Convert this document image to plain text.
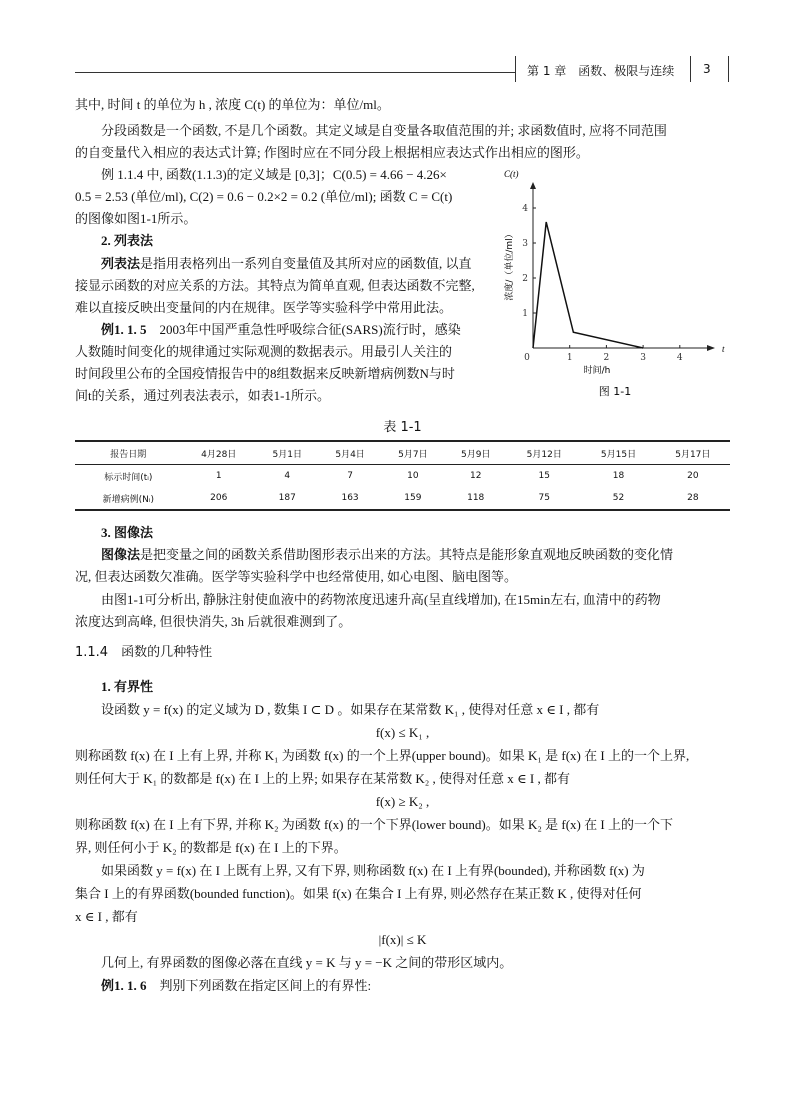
第 1 章　函数、极限与连续 3
其中, 时间 t 的单位为 h , 浓度 C(t) 的单位为：单位/ml。
分段函数是一个函数, 不是几个函数。其定义域是自变量各取值范围的并; 求函数值时, 应将不同范围
的自变量代入相应的表达式计算; 作图时应在不同分段上根据相应表达式作出相应的图形。
例 1.1.4 中, 函数(1.1.3)的定义域是 [0,3]；C(0.5) = 4.66 − 4.26×
0.5 = 2.53 (单位/ml), C(2) = 0.6 − 0.2×2 = 0.2 (单位/ml); 函数 C = C(t)
的图像如图1-1所示。
2. 列表法
列表法是指用表格列出一系列自变量值及其所对应的函数值, 以直
接显示函数的对应关系的方法。其特点为简单直观, 但表达函数不完整,
难以直接反映出变量间的内在规律。医学等实验科学中常用此法。
例1. 1. 5　2003年中国严重急性呼吸综合征(SARS)流行时，感染
人数随时间变化的规律通过实际观测的数据表示。用最引人关注的
时间段里公布的全国疫情报告中的8组数据来反映新增病例数N与时
间t的关系，通过列表法表示，如表1-1所示。
0	1	2	3	4
1
2
3
4
时间/h
图 1-1
浓度/（单位/ml）
C(t)
t
表 1-1
报告日期	4月28日	5月1日	5月4日	5月7日	5月9日	5月12日	5月15日	5月17日
标示时间(tᵢ)	1	4	7	10	12	15	18	20
新增病例(Nᵢ)	206	187	163	159	118	75	52	28
3. 图像法
图像法是把变量之间的函数关系借助图形表示出来的方法。其特点是能形象直观地反映函数的变化情
况, 但表达函数欠准确。医学等实验科学中也经常使用, 如心电图、脑电图等。
由图1-1可分析出, 静脉注射使血液中的药物浓度迅速升高(呈直线增加), 在15min左右, 血清中的药物
浓度达到高峰, 但很快消失, 3h 后就很难测到了。
1.1.4　函数的几种特性
1. 有界性
设函数 y = f(x) 的定义域为 D , 数集 I ⊂ D 。如果存在某常数 K₁ , 使得对任意 x ∈ I , 都有
f(x) ≤ K₁ ,
则称函数 f(x) 在 I 上有上界, 并称 K₁ 为函数 f(x) 的一个上界(upper bound)。如果 K₁ 是 f(x) 在 I 上的一个上界,
则任何大于 K₁ 的数都是 f(x) 在 I 上的上界; 如果存在某常数 K₂ , 使得对任意 x ∈ I , 都有
f(x) ≥ K₂ ,
则称函数 f(x) 在 I 上有下界, 并称 K₂ 为函数 f(x) 的一个下界(lower bound)。如果 K₂ 是 f(x) 在 I 上的一个下
界, 则任何小于 K₂ 的数都是 f(x) 在 I 上的下界。
如果函数 y = f(x) 在 I 上既有上界, 又有下界, 则称函数 f(x) 在 I 上有界(bounded), 并称函数 f(x) 为
集合 I 上的有界函数(bounded function)。如果 f(x) 在集合 I 上有界, 则必然存在某正数 K , 使得对任何
x ∈ I , 都有
|f(x)| ≤ K
几何上, 有界函数的图像必落在直线 y = K 与 y = −K 之间的带形区域内。
例1. 1. 6　判别下列函数在指定区间上的有界性:
